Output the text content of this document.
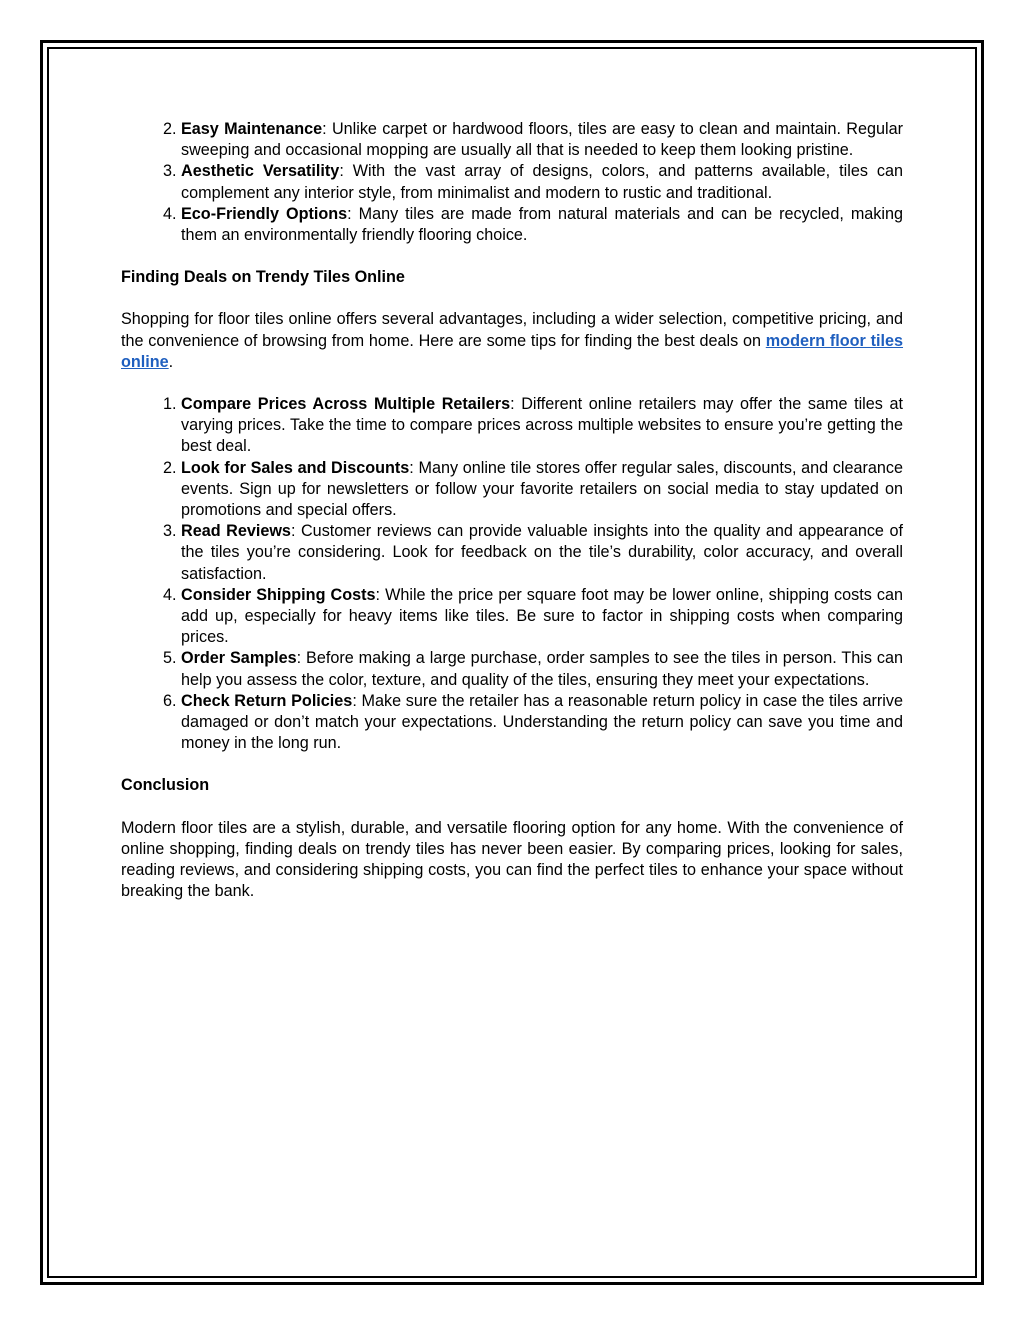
2. Easy Maintenance: Unlike carpet or hardwood floors, tiles are easy to clean and maintain. Regular sweeping and occasional mopping are usually all that is needed to keep them looking pristine.
3. Aesthetic Versatility: With the vast array of designs, colors, and patterns available, tiles can complement any interior style, from minimalist and modern to rustic and traditional.
4. Eco-Friendly Options: Many tiles are made from natural materials and can be recycled, making them an environmentally friendly flooring choice.
Finding Deals on Trendy Tiles Online

Shopping for floor tiles online offers several advantages, including a wider selection, competitive pricing, and the convenience of browsing from home. Here are some tips for finding the best deals on modern floor tiles online.

1. Compare Prices Across Multiple Retailers: Different online retailers may offer the same tiles at varying prices. Take the time to compare prices across multiple websites to ensure you’re getting the best deal.
2. Look for Sales and Discounts: Many online tile stores offer regular sales, discounts, and clearance events. Sign up for newsletters or follow your favorite retailers on social media to stay updated on promotions and special offers.
3. Read Reviews: Customer reviews can provide valuable insights into the quality and appearance of the tiles you’re considering. Look for feedback on the tile’s durability, color accuracy, and overall satisfaction.
4. Consider Shipping Costs: While the price per square foot may be lower online, shipping costs can add up, especially for heavy items like tiles. Be sure to factor in shipping costs when comparing prices.
5. Order Samples: Before making a large purchase, order samples to see the tiles in person. This can help you assess the color, texture, and quality of the tiles, ensuring they meet your expectations.
6. Check Return Policies: Make sure the retailer has a reasonable return policy in case the tiles arrive damaged or don’t match your expectations. Understanding the return policy can save you time and money in the long run.
Conclusion

Modern floor tiles are a stylish, durable, and versatile flooring option for any home. With the convenience of online shopping, finding deals on trendy tiles has never been easier. By comparing prices, looking for sales, reading reviews, and considering shipping costs, you can find the perfect tiles to enhance your space without breaking the bank.
